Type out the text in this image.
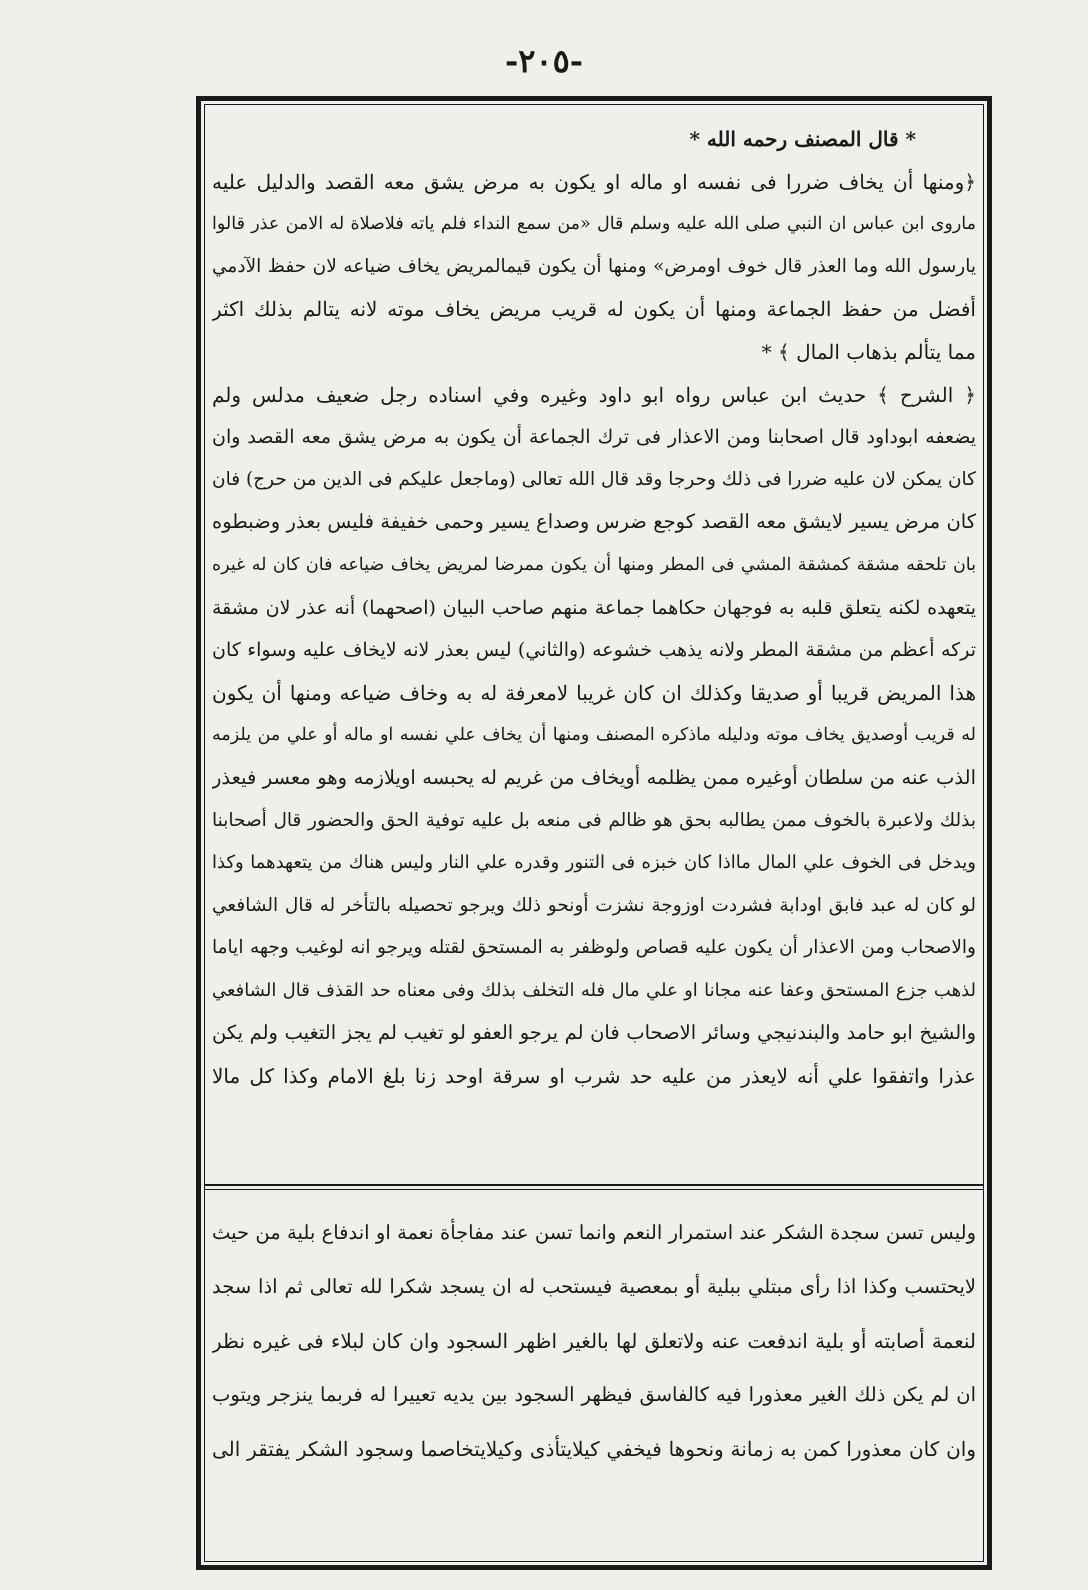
-٢٠٥-
* قال المصنف رحمه الله *
﴿ومنها أن يخاف ضررا فى نفسه او ماله او يكون به مرض يشق معه القصد والدليل عليه
ماروى ابن عباس ان النبي صلى الله عليه وسلم قال «من سمع النداء فلم ياته فلاصلاة له الامن عذر قالوا
يارسول الله وما العذر قال خوف اومرض» ومنها أن يكون قيمالمريض يخاف ضياعه لان حفظ الآدمي
أفضل من حفظ الجماعة ومنها أن يكون له قريب مريض يخاف موته لانه يتالم بذلك اكثر
مما يتألم بذهاب المال ﴾ *
﴿ الشرح ﴾ حديث ابن عباس رواه ابو داود وغيره وفي اسناده رجل ضعيف مدلس ولم
يضعفه ابوداود قال اصحابنا ومن الاعذار فى ترك الجماعة أن يكون به مرض يشق معه القصد وان
كان يمكن لان عليه ضررا فى ذلك وحرجا وقد قال الله تعالى (وماجعل عليكم فى الدين من حرج) فان
كان مرض يسير لايشق معه القصد كوجع ضرس وصداع يسير وحمى خفيفة فليس بعذر وضبطوه
بان تلحقه مشقة كمشقة المشي فى المطر ومنها أن يكون ممرضا لمريض يخاف ضياعه فان كان له غيره
يتعهده لكنه يتعلق قلبه به فوجهان حكاهما جماعة منهم صاحب البيان (اصحهما) أنه عذر لان مشقة
تركه أعظم من مشقة المطر ولانه يذهب خشوعه (والثاني) ليس بعذر لانه لايخاف عليه وسواء كان
هذا المريض قريبا أو صديقا وكذلك ان كان غريبا لامعرفة له به وخاف ضياعه ومنها أن يكون
له قريب أوصديق يخاف موته ودليله ماذكره المصنف ومنها أن يخاف علي نفسه او ماله أو علي من يلزمه
الذب عنه من سلطان أوغيره ممن يظلمه أويخاف من غريم له يحبسه اويلازمه وهو معسر فيعذر
بذلك ولاعبرة بالخوف ممن يطالبه بحق هو ظالم فى منعه بل عليه توفية الحق والحضور قال أصحابنا
ويدخل فى الخوف علي المال مااذا كان خبزه فى التنور وقدره علي النار وليس هناك من يتعهدهما وكذا
لو كان له عبد فابق اودابة فشردت اوزوجة نشزت أونحو ذلك ويرجو تحصيله بالتأخر له قال الشافعي
والاصحاب ومن الاعذار أن يكون عليه قصاص ولوظفر به المستحق لقتله ويرجو انه لوغيب وجهه اياما
لذهب جزع المستحق وعفا عنه مجانا او علي مال فله التخلف بذلك وفى معناه حد القذف قال الشافعي
والشيخ ابو حامد والبندنيجي وسائر الاصحاب فان لم يرجو العفو لو تغيب لم يجز التغيب ولم يكن
عذرا واتفقوا علي أنه لايعذر من عليه حد شرب او سرقة اوحد زنا بلغ الامام وكذا كل مالا
وليس تسن سجدة الشكر عند استمرار النعم وانما تسن عند مفاجأة نعمة او اندفاع بلية من حيث
لايحتسب وكذا اذا رأى مبتلي ببلية أو بمعصية فيستحب له ان يسجد شكرا لله تعالى ثم اذا سجد
لنعمة أصابته أو بلية اندفعت عنه ولاتعلق لها بالغير اظهر السجود وان كان لبلاء فى غيره نظر
ان لم يكن ذلك الغير معذورا فيه كالفاسق فيظهر السجود بين يديه تعييرا له فربما ينزجر ويتوب
وان كان معذورا كمن به زمانة ونحوها فيخفي كيلايتأذى وكيلايتخاصما وسجود الشكر يفتقر الى
